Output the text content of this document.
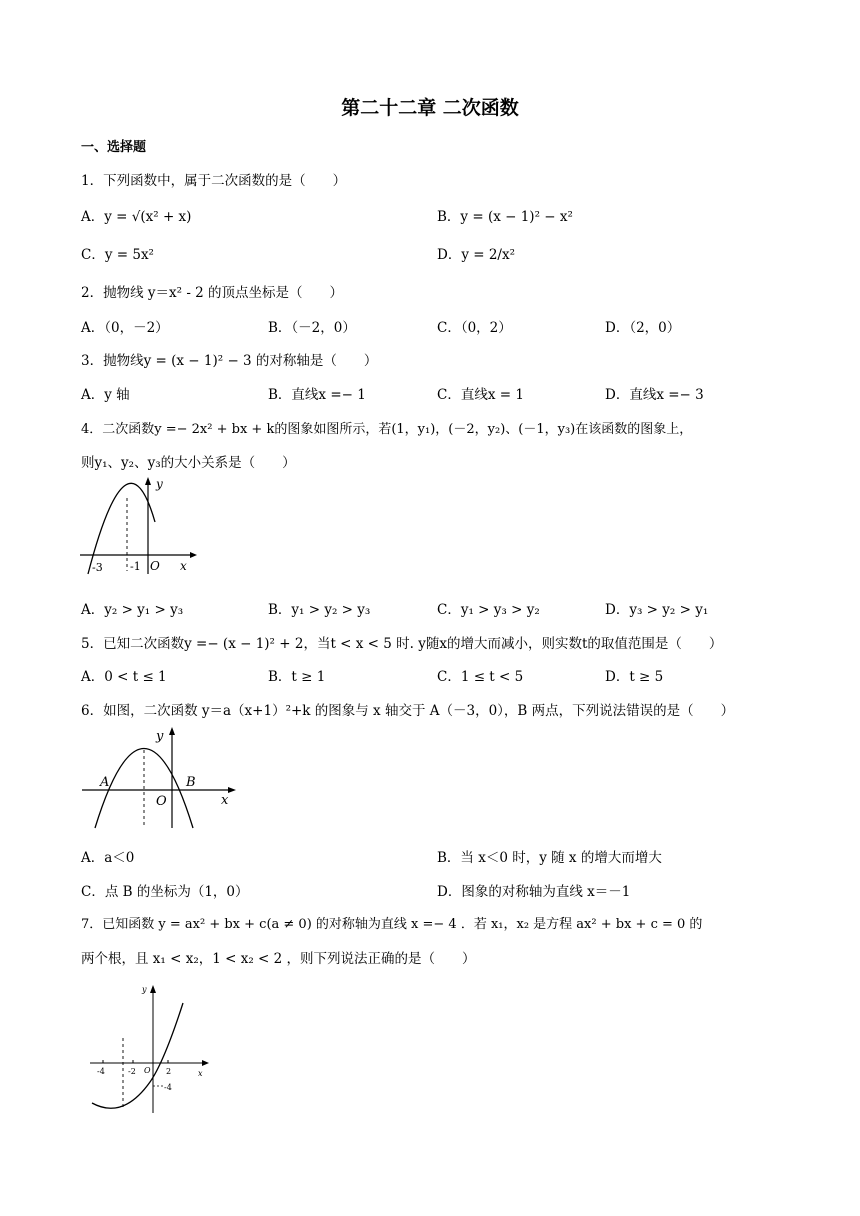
第二十二章 二次函数
一、选择题
1．下列函数中，属于二次函数的是（　　）
A．y = √(x² + x)	B．y = (x − 1)² − x²
C．y = 5x²	D．y = 2/x²
2．抛物线 y＝x² - 2 的顶点坐标是（　　）
A．（0，－2）	B．（－2，0）	C．（0，2）	D．（2，0）
3．抛物线y = (x − 1)² − 3 的对称轴是（　　）
A．y 轴	B．直线x =− 1	C．直线x = 1	D．直线x =− 3
4．二次函数y =− 2x² + bx + k的图象如图所示，若(1，y₁)，(－2，y₂)、(－1，y₃)在该函数的图象上，
则y₁、y₂、y₃的大小关系是（　　）
y
x
-3 -1 O
A．y₂ > y₁ > y₃	B．y₁ > y₂ > y₃	C．y₁ > y₃ > y₂	D．y₃ > y₂ > y₁
5．已知二次函数y =− (x − 1)² + 2，当t < x < 5 时. y随x的增大而减小，则实数t的取值范围是（　　）
A．0 < t ≤ 1	B．t ≥ 1	C．1 ≤ t < 5	D．t ≥ 5
6．如图，二次函数 y＝a（x+1）²+k 的图象与 x 轴交于 A（－3，0），B 两点，下列说法错误的是（　　）
y
x
A	B
O
A．a＜0	B．当 x＜0 时，y 随 x 的增大而增大
C．点 B 的坐标为（1，0）	D．图象的对称轴为直线 x＝－1
7．已知函数 y = ax² + bx + c(a ≠ 0) 的对称轴为直线 x =− 4 ．若 x₁，x₂ 是方程 ax² + bx + c = 0 的
两个根，且 x₁ < x₂，1 < x₂ < 2 ，则下列说法正确的是（　　）
y
x
-4	-2 O 2
-4
